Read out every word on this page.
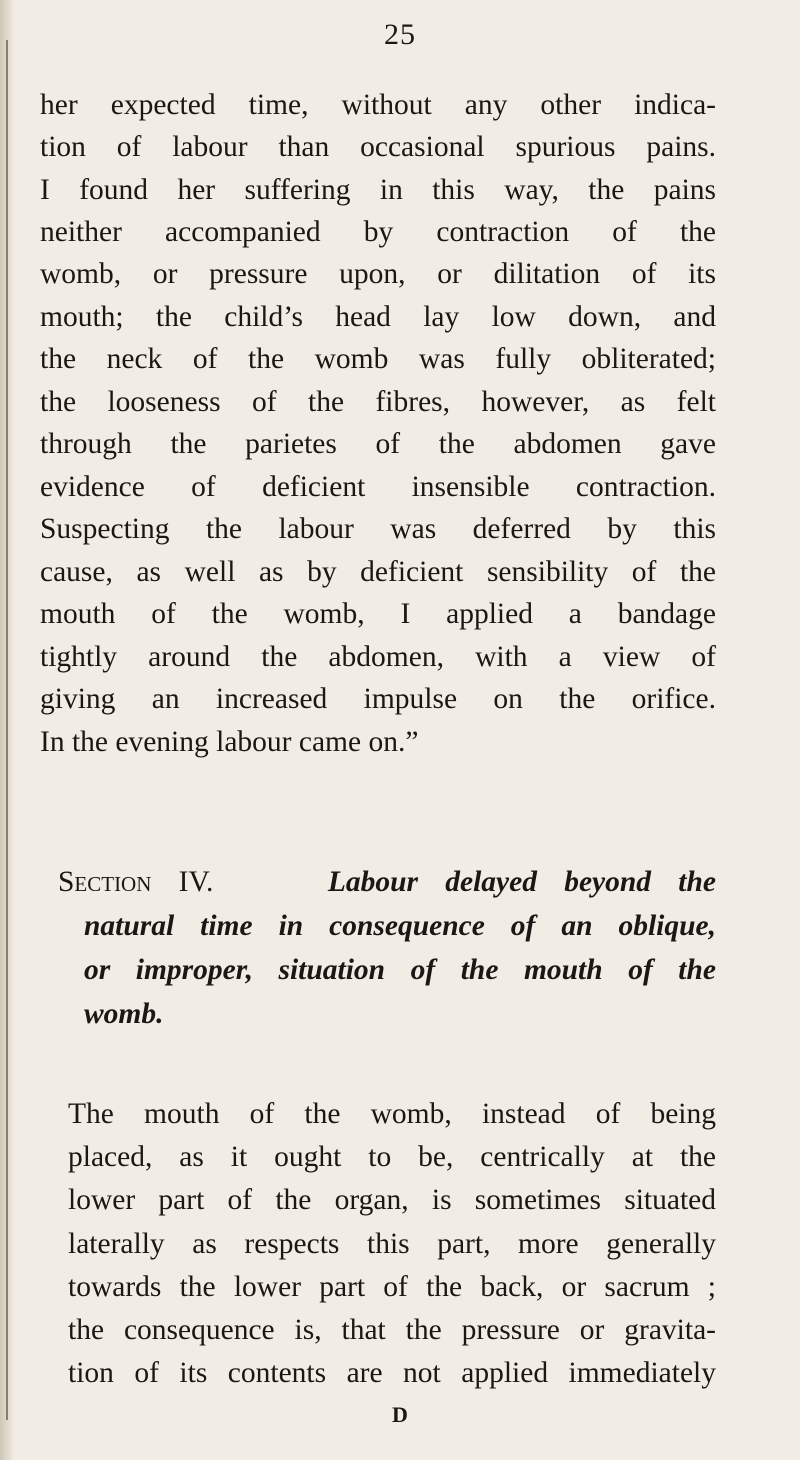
25
her expected time, without any other indica-
tion of labour than occasional spurious pains.
I found her suffering in this way, the pains
neither accompanied by contraction of the
womb, or pressure upon, or dilitation of its
mouth; the child’s head lay low down, and
the neck of the womb was fully obliterated;
the looseness of the fibres, however, as felt
through the parietes of the abdomen gave
evidence of deficient insensible contraction.
Suspecting the labour was deferred by this
cause, as well as by deficient sensibility of the
mouth of the womb, I applied a bandage
tightly around the abdomen, with a view of
giving an increased impulse on the orifice.
In the evening labour came on.”
Section IV.	Labour delayed beyond the
natural time in consequence of an oblique,
or improper, situation of the mouth of the
womb.
The mouth of the womb, instead of being
placed, as it ought to be, centrically at the
lower part of the organ, is sometimes situated
laterally as respects this part, more generally
towards the lower part of the back, or sacrum ;
the consequence is, that the pressure or gravita-
tion of its contents are not applied immediately
D
